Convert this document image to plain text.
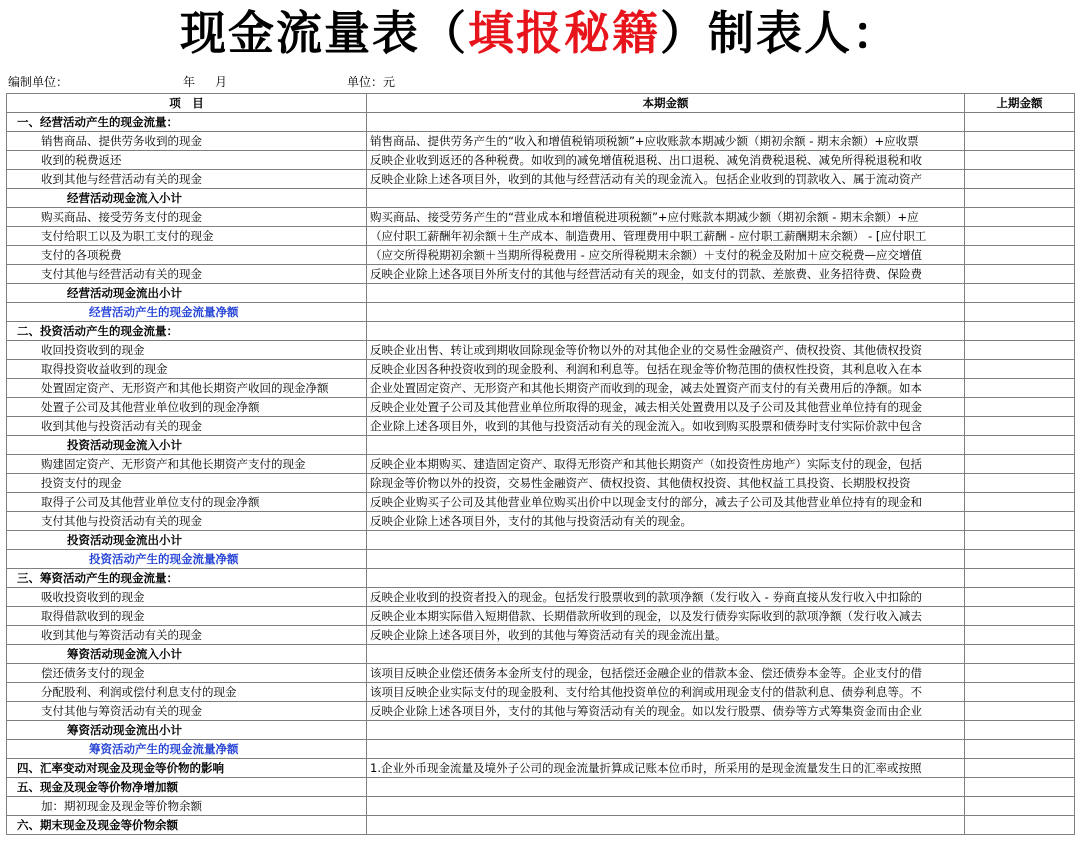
现金流量表（填报秘籍）制表人：
编制单位：	年 月	单位：元
项　目	本期金额	上期金额
一、经营活动产生的现金流量：		
销售商品、提供劳务收到的现金	销售商品、提供劳务产生的“收入和增值税销项税额”+应收账款本期减少额（期初余额 - 期末余额）+应收票	
收到的税费返还	反映企业收到返还的各种税费。如收到的减免增值税退税、出口退税、减免消费税退税、减免所得税退税和收	
收到其他与经营活动有关的现金	反映企业除上述各项目外，收到的其他与经营活动有关的现金流入。包括企业收到的罚款收入、属于流动资产	
经营活动现金流入小计		
购买商品、接受劳务支付的现金	购买商品、接受劳务产生的“营业成本和增值税进项税额”+应付账款本期减少额（期初余额 - 期末余额）+应	
支付给职工以及为职工支付的现金	（应付职工薪酬年初余额＋生产成本、制造费用、管理费用中职工薪酬 - 应付职工薪酬期末余额） - [应付职工	
支付的各项税费	（应交所得税期初余额＋当期所得税费用 - 应交所得税期末余额）＋支付的税金及附加＋应交税费—应交增值	
支付其他与经营活动有关的现金	反映企业除上述各项目外所支付的其他与经营活动有关的现金，如支付的罚款、差旅费、业务招待费、保险费	
经营活动现金流出小计		
经营活动产生的现金流量净额		
二、投资活动产生的现金流量：		
收回投资收到的现金	反映企业出售、转让或到期收回除现金等价物以外的对其他企业的交易性金融资产、债权投资、其他债权投资	
取得投资收益收到的现金	反映企业因各种投资收到的现金股利、利润和利息等。包括在现金等价物范围的债权性投资，其利息收入在本	
处置固定资产、无形资产和其他长期资产收回的现金净额	企业处置固定资产、无形资产和其他长期资产而收到的现金，减去处置资产而支付的有关费用后的净额。如本	
处置子公司及其他营业单位收到的现金净额	反映企业处置子公司及其他营业单位所取得的现金，减去相关处置费用以及子公司及其他营业单位持有的现金	
收到其他与投资活动有关的现金	企业除上述各项目外，收到的其他与投资活动有关的现金流入。如收到购买股票和债券时支付实际价款中包含	
投资活动现金流入小计		
购建固定资产、无形资产和其他长期资产支付的现金	反映企业本期购买、建造固定资产、取得无形资产和其他长期资产（如投资性房地产）实际支付的现金，包括	
投资支付的现金	除现金等价物以外的投资，交易性金融资产、债权投资、其他债权投资、其他权益工具投资、长期股权投资	
取得子公司及其他营业单位支付的现金净额	反映企业购买子公司及其他营业单位购买出价中以现金支付的部分，减去子公司及其他营业单位持有的现金和	
支付其他与投资活动有关的现金	反映企业除上述各项目外，支付的其他与投资活动有关的现金。	
投资活动现金流出小计		
投资活动产生的现金流量净额		
三、筹资活动产生的现金流量：		
吸收投资收到的现金	反映企业收到的投资者投入的现金。包括发行股票收到的款项净额（发行收入 - 券商直接从发行收入中扣除的	
取得借款收到的现金	反映企业本期实际借入短期借款、长期借款所收到的现金，以及发行债券实际收到的款项净额（发行收入减去	
收到其他与筹资活动有关的现金	反映企业除上述各项目外，收到的其他与筹资活动有关的现金流出量。	
筹资活动现金流入小计		
偿还债务支付的现金	该项目反映企业偿还债务本金所支付的现金，包括偿还金融企业的借款本金、偿还债券本金等。企业支付的借	
分配股利、利润或偿付利息支付的现金	该项目反映企业实际支付的现金股利、支付给其他投资单位的利润或用现金支付的借款利息、债券利息等。不	
支付其他与筹资活动有关的现金	反映企业除上述各项目外，支付的其他与筹资活动有关的现金。如以发行股票、债券等方式筹集资金而由企业	
筹资活动现金流出小计		
筹资活动产生的现金流量净额		
四、汇率变动对现金及现金等价物的影响	1.企业外币现金流量及境外子公司的现金流量折算成记账本位币时，所采用的是现金流量发生日的汇率或按照	
五、现金及现金等价物净增加额		
加：期初现金及现金等价物余额		
六、期末现金及现金等价物余额		
